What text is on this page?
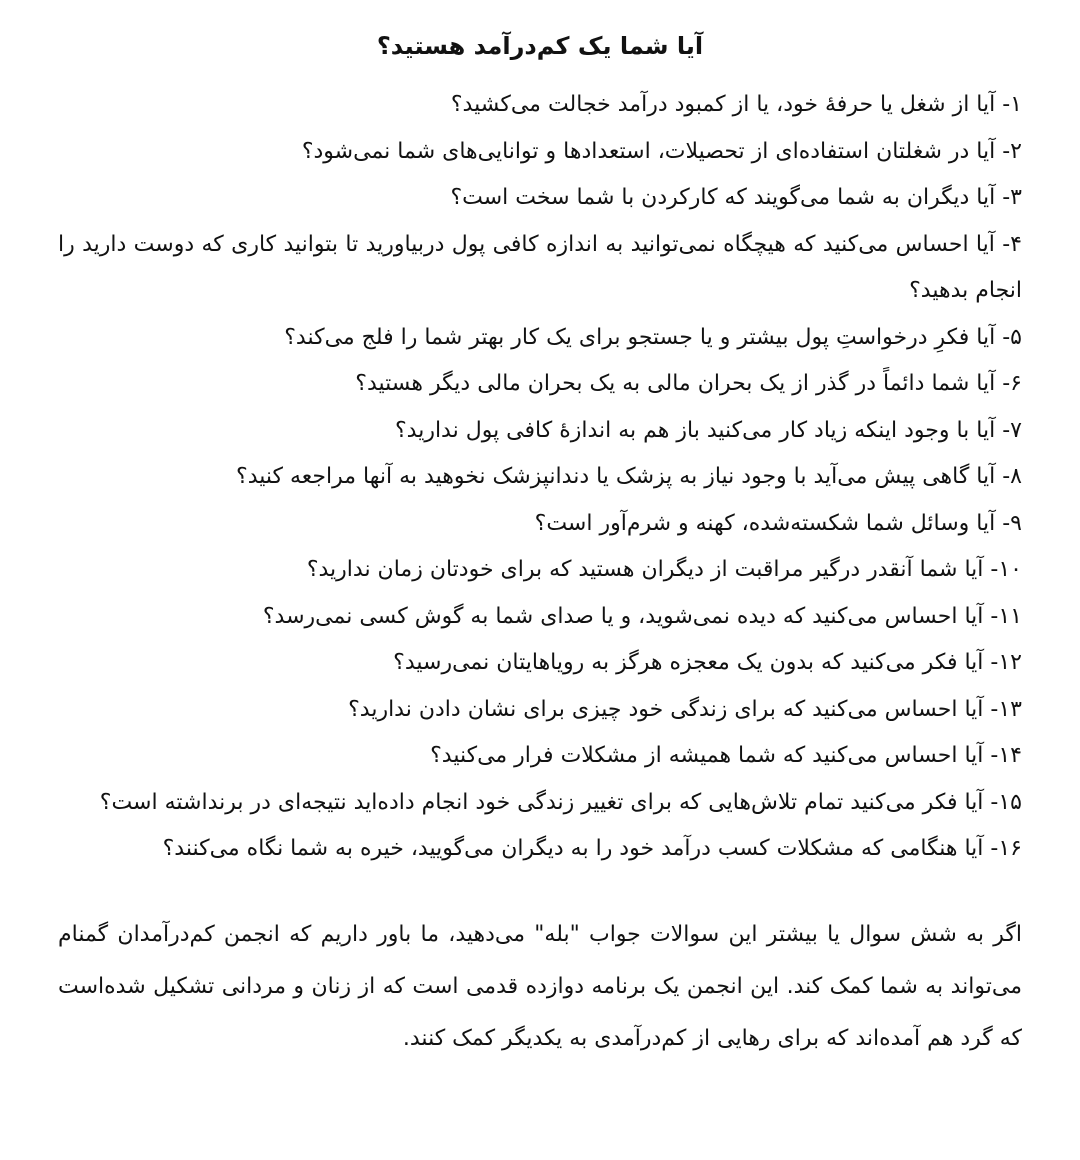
آیا شما یک کم‌درآمد هستید؟

۱- آیا از شغل یا حرفهٔ خود، یا از کمبود درآمد خجالت می‌کشید؟

۲- آیا در شغلتان استفاده‌ای از تحصیلات، استعدادها و توانایی‌های شما نمی‌شود؟

۳- آیا دیگران به شما می‌گویند که کارکردن با شما سخت است؟

۴- آیا احساس می‌کنید که هیچگاه نمی‌توانید به اندازه کافی پول دربیاورید تا بتوانید کاری که دوست دارید را انجام بدهید؟

۵- آیا فکرِ درخواستِ پول بیشتر و یا جستجو برای یک کار بهتر شما را فلج می‌کند؟

۶- آیا شما دائماً در گذر از یک بحران مالی به یک بحران مالی دیگر هستید؟

۷- آیا با وجود اینکه زیاد کار می‌کنید باز هم به اندازهٔ کافی پول ندارید؟

۸- آیا گاهی پیش می‌آید با وجود نیاز به پزشک یا دندانپزشک نخوهید به آنها مراجعه کنید؟

۹- آیا وسائل شما شکسته‌شده، کهنه و شرم‌آور است؟

۱۰- آیا شما آنقدر درگیر مراقبت از دیگران هستید که برای خودتان زمان ندارید؟

۱۱- آیا احساس می‌کنید که دیده نمی‌شوید، و یا صدای شما به گوش کسی نمی‌رسد؟

۱۲- آیا فکر می‌کنید که بدون یک معجزه هرگز به رویاهایتان نمی‌رسید؟

۱۳- آیا احساس می‌کنید که برای زندگی خود چیزی برای نشان دادن ندارید؟

۱۴- آیا احساس می‌کنید که شما همیشه از مشکلات فرار می‌کنید؟

۱۵- آیا فکر می‌کنید تمام تلاش‌هایی که برای تغییر زندگی خود انجام داده‌اید نتیجه‌ای در برنداشته است؟

۱۶- آیا هنگامی که مشکلات کسب درآمد خود را به دیگران می‌گویید، خیره به شما نگاه می‌کنند؟

اگر به شش سوال یا بیشتر این سوالات جواب "بله" می‌دهید، ما باور داریم که انجمن کم‌درآمدان گمنام می‌تواند به شما کمک کند. این انجمن یک برنامه دوازده قدمی است که از زنان و مردانی تشکیل شده‌است که گرد هم آمده‌اند که برای رهایی از کم‌درآمدی به یکدیگر کمک کنند.
